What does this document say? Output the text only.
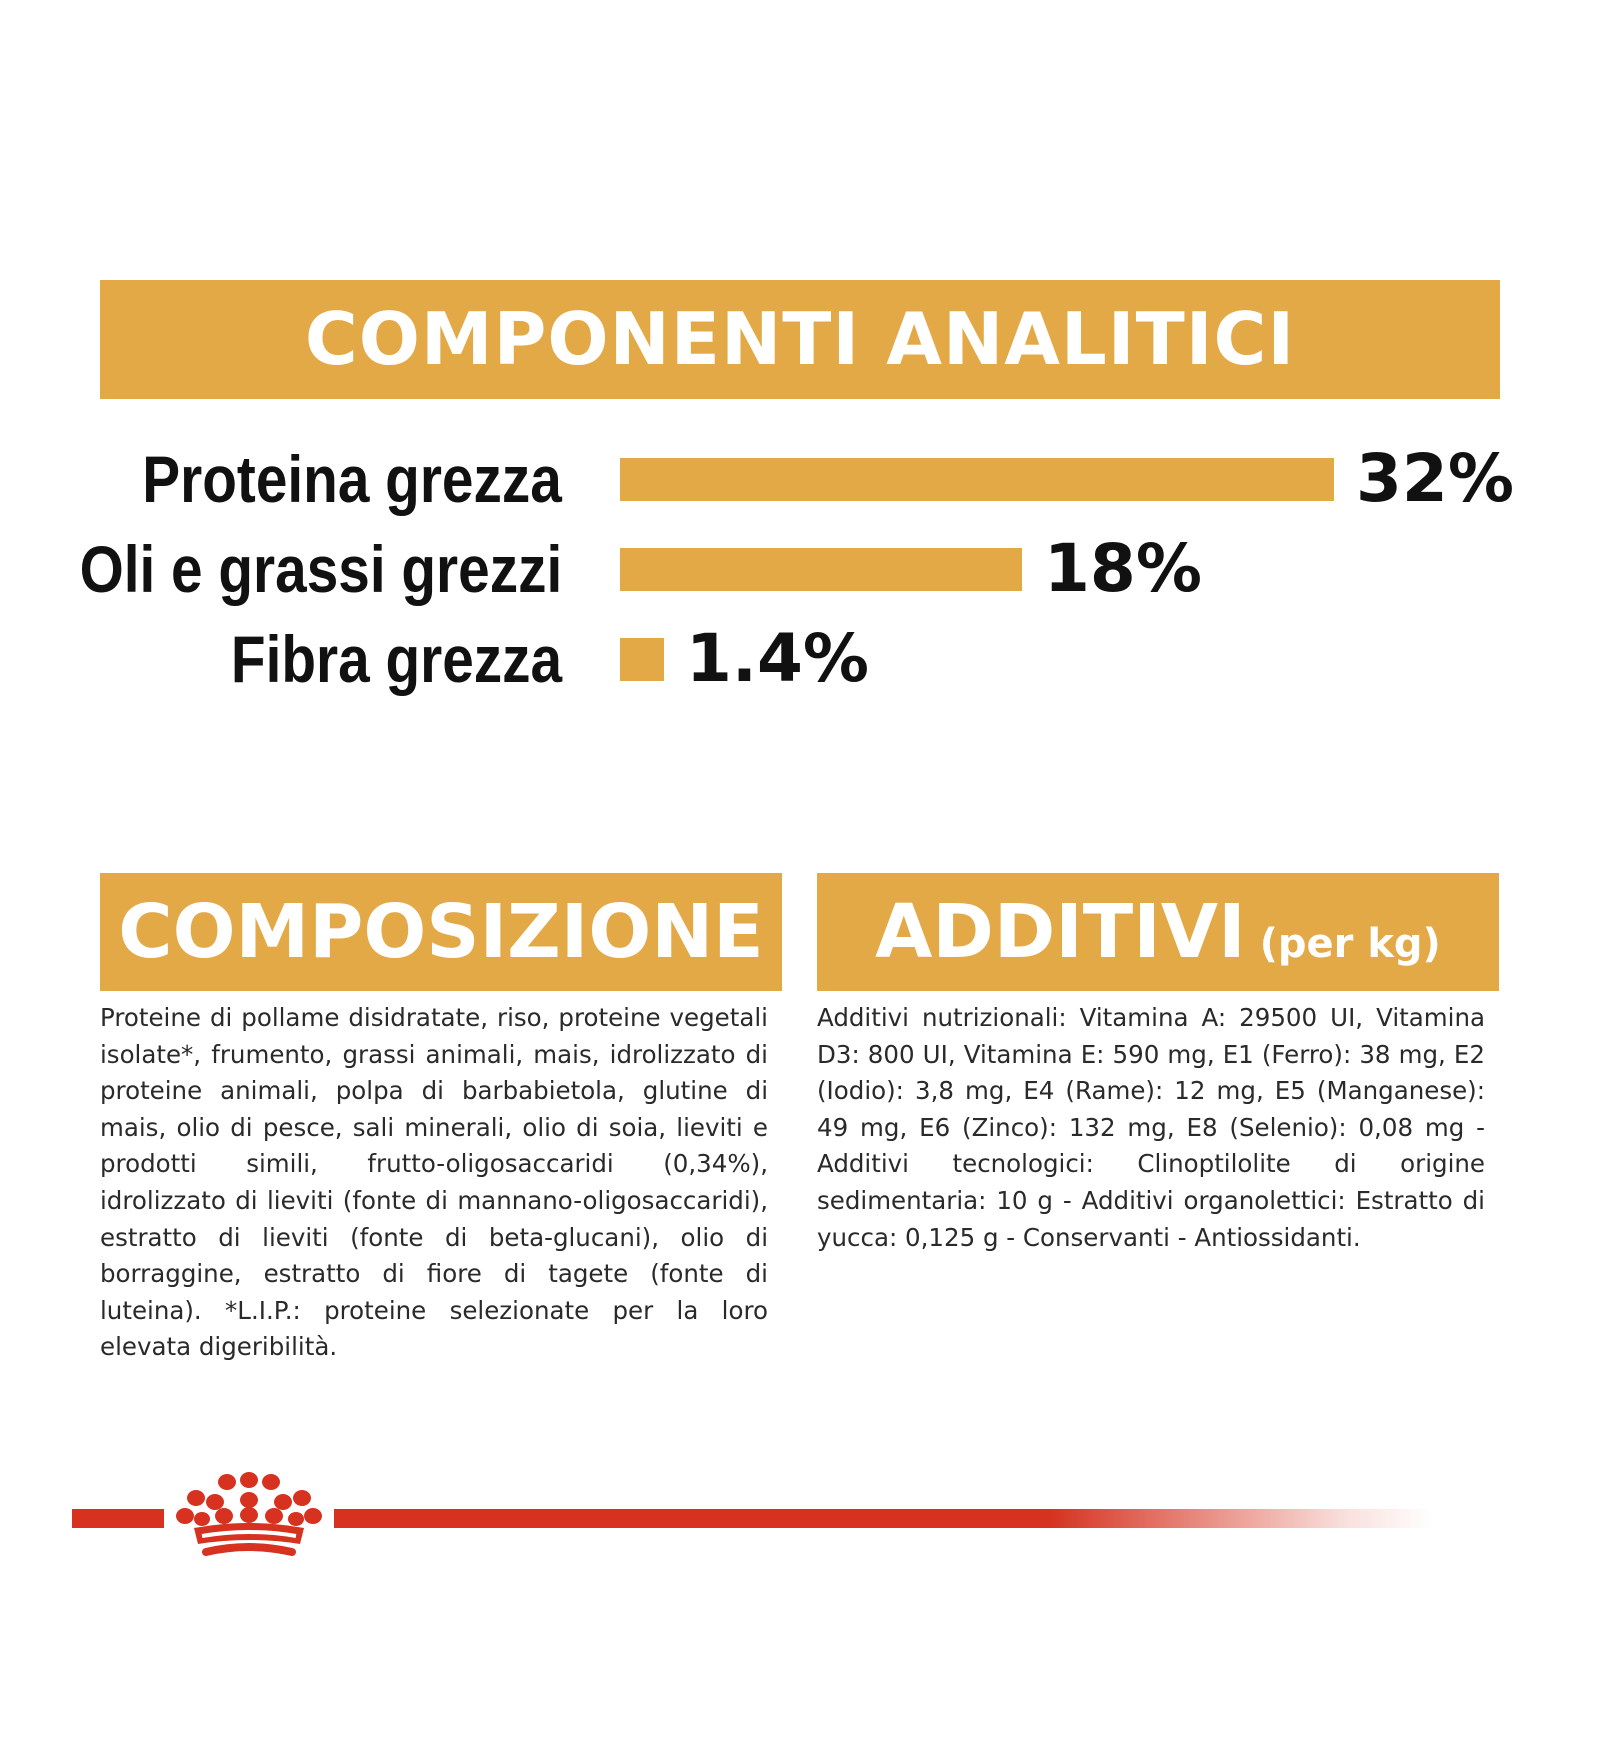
COMPONENTI ANALITICI
Proteina grezza	32%
Oli e grassi grezzi	18%
Fibra grezza 1.4%
COMPOSIZIONE

Proteine di pollame disidratate, riso, proteine vegetali isolate*, frumento, grassi animali, mais, idrolizzato di proteine animali, polpa di barbabietola, glutine di mais, olio di pesce, sali minerali, olio di soia, lieviti e prodotti simili, frutto-oligosaccaridi (0,34%), idrolizzato di lieviti (fonte di mannano-oligosaccaridi), estratto di lieviti (fonte di beta-glucani), olio di borraggine, estratto di fiore di tagete (fonte di luteina). *L.I.P.: proteine selezionate per la loro elevata digeribilità.

ADDITIVI (per kg)

Additivi nutrizionali: Vitamina A: 29500 UI, Vitamina D3: 800 UI, Vitamina E: 590 mg, E1 (Ferro): 38 mg, E2 (Iodio): 3,8 mg, E4 (Rame): 12 mg, E5 (Manganese): 49 mg, E6 (Zinco): 132 mg, E8 (Selenio): 0,08 mg - Additivi tecnologici: Clinoptilolite di origine sedimentaria: 10 g - Additivi organolettici: Estratto di yucca: 0,125 g - Conservanti - Antiossidanti.
